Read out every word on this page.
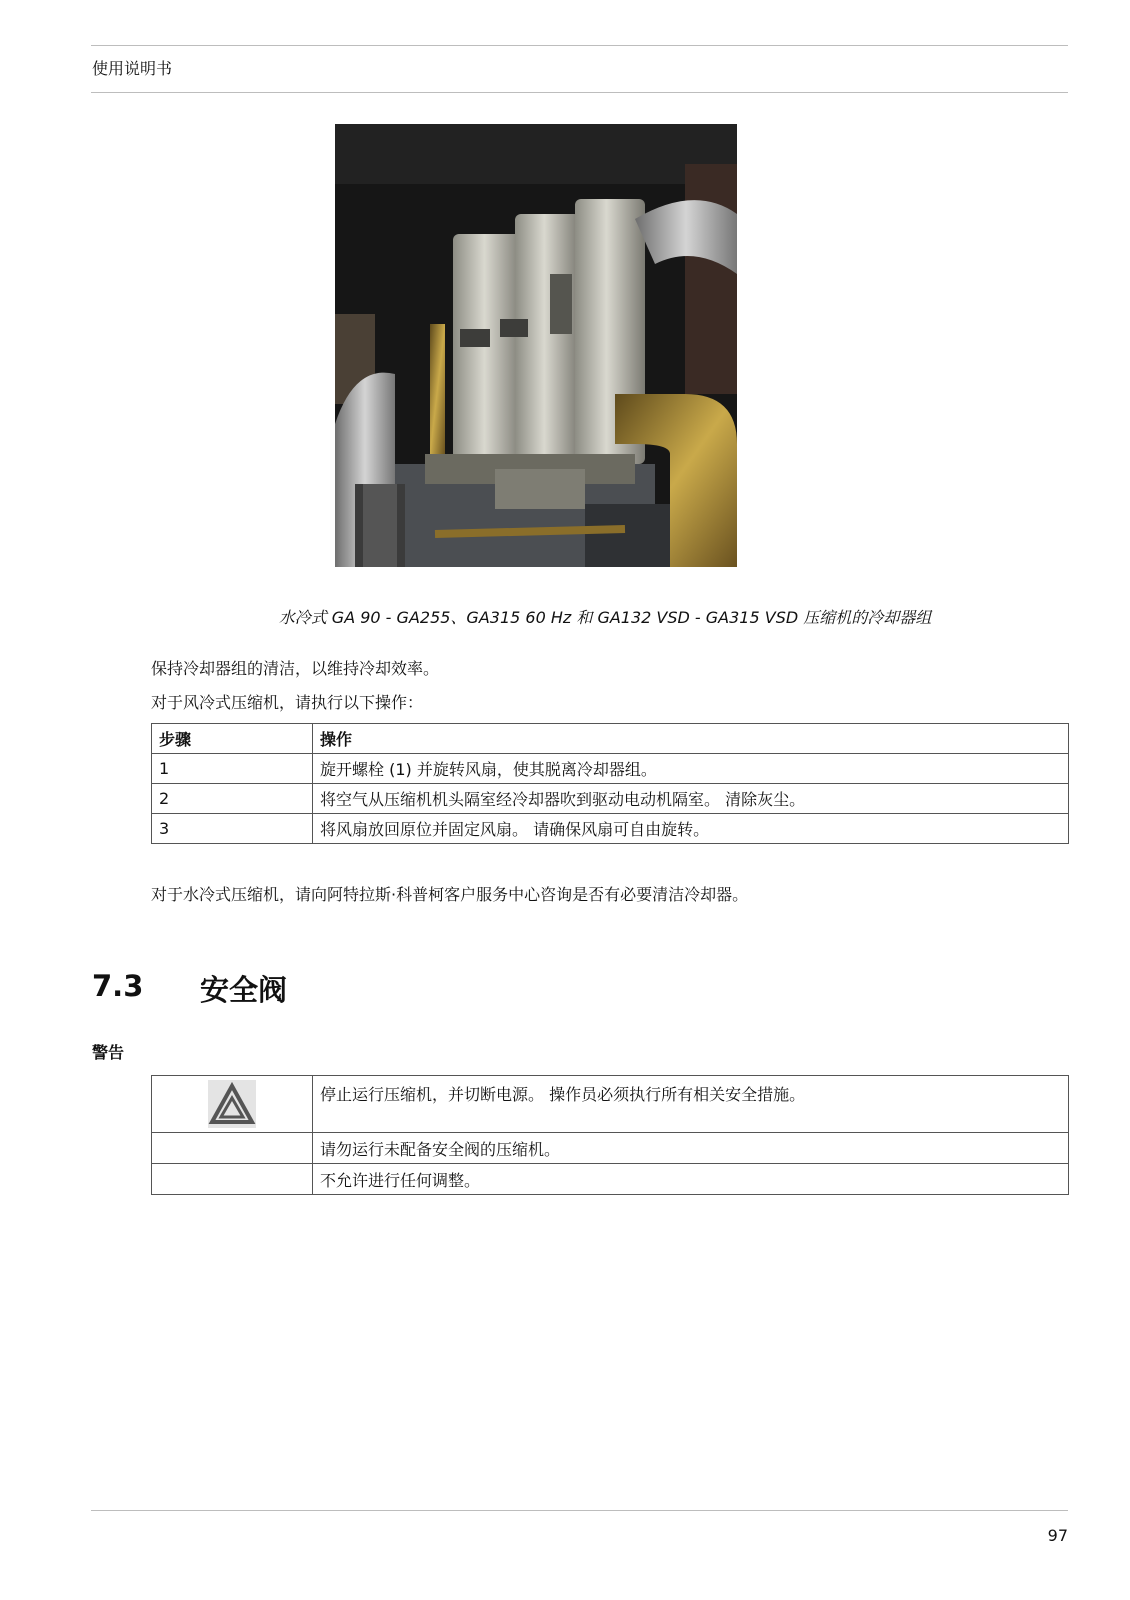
使用说明书
水冷式 GA 90 - GA255、GA315 60 Hz 和 GA132 VSD - GA315 VSD 压缩机的冷却器组
保持冷却器组的清洁，以维持冷却效率。
对于风冷式压缩机，请执行以下操作：
步骤	操作
1	旋开螺栓 (1) 并旋转风扇，使其脱离冷却器组。
2	将空气从压缩机机头隔室经冷却器吹到驱动电动机隔室。 清除灰尘。
3	将风扇放回原位并固定风扇。 请确保风扇可自由旋转。
对于水冷式压缩机，请向阿特拉斯·科普柯客户服务中心咨询是否有必要清洁冷却器。
7.3 安全阀
警告
	停止运行压缩机，并切断电源。 操作员必须执行所有相关安全措施。
	请勿运行未配备安全阀的压缩机。
	不允许进行任何调整。
97
